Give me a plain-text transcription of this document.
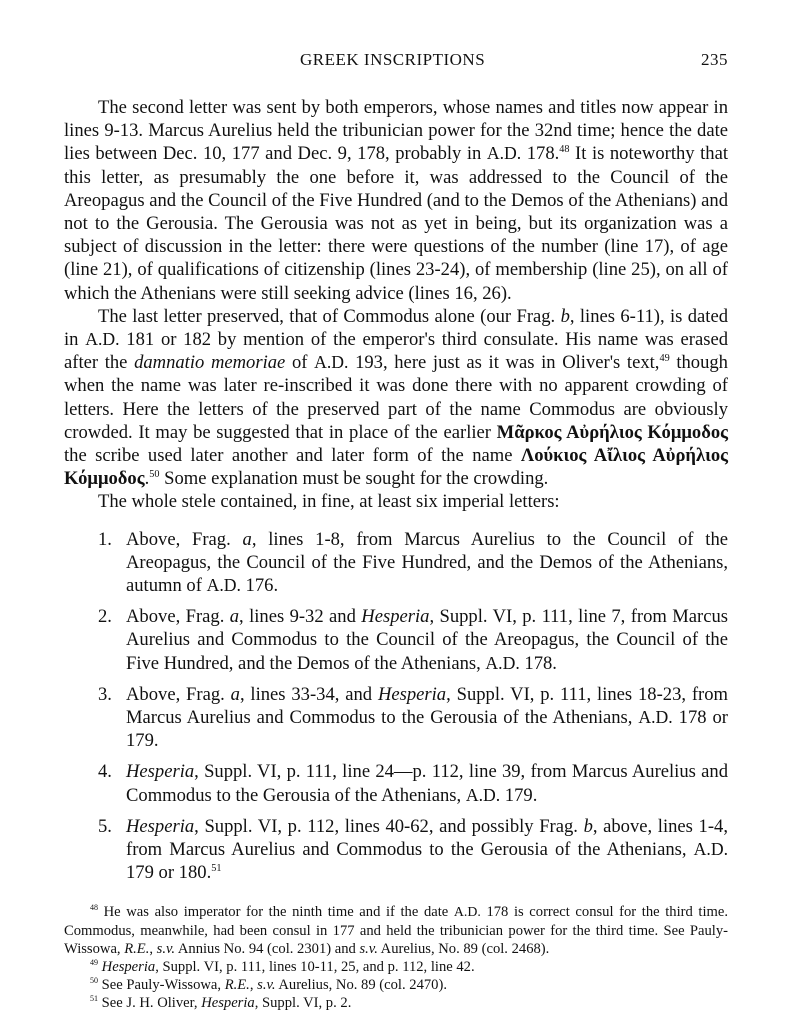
GREEK INSCRIPTIONS	235

The second letter was sent by both emperors, whose names and titles now appear in lines 9-13. Marcus Aurelius held the tribunician power for the 32nd time; hence the date lies between Dec. 10, 177 and Dec. 9, 178, probably in A.D. 178.48 It is noteworthy that this letter, as presumably the one before it, was addressed to the Council of the Areopagus and the Council of the Five Hundred (and to the Demos of the Athenians) and not to the Gerousia. The Gerousia was not as yet in being, but its organization was a subject of discussion in the letter: there were questions of the number (line 17), of age (line 21), of qualifications of citizenship (lines 23-24), of membership (line 25), on all of which the Athenians were still seeking advice (lines 16, 26).

The last letter preserved, that of Commodus alone (our Frag. b, lines 6-11), is dated in A.D. 181 or 182 by mention of the emperor's third consulate. His name was erased after the damnatio memoriae of A.D. 193, here just as it was in Oliver's text,$^{49}$ though when the name was later re-inscribed it was done there with no apparent crowding of letters. Here the letters of the preserved part of the name Commodus are obviously crowded. It may be suggested that in place of the earlier Μᾶρκος Αὐρήλιος Κόμμοδος the scribe used later another and later form of the name Λούκιος Αἴλιος Αὐρήλιος Κόμμοδος.$^{50}$ Some explanation must be sought for the crowding.

The whole stele contained, in fine, at least six imperial letters:

1. Above, Frag. a, lines 1-8, from Marcus Aurelius to the Council of the Areopagus, the Council of the Five Hundred, and the Demos of the Athenians, autumn of A.D. 176.
2. Above, Frag. a, lines 9-32 and Hesperia, Suppl. VI, p. 111, line 7, from Marcus Aurelius and Commodus to the Council of the Areopagus, the Council of the Five Hundred, and the Demos of the Athenians, A.D. 178.
3. Above, Frag. a, lines 33-34, and Hesperia, Suppl. VI, p. 111, lines 18-23, from Marcus Aurelius and Commodus to the Gerousia of the Athenians, A.D. 178 or 179.
4. Hesperia, Suppl. VI, p. 111, line 24—p. 112, line 39, from Marcus Aurelius and Commodus to the Gerousia of the Athenians, A.D. 179.
5. Hesperia, Suppl. VI, p. 112, lines 40-62, and possibly Frag. b, above, lines 1-4, from Marcus Aurelius and Commodus to the Gerousia of the Athenians, A.D. 179 or 180.51

$^{48}$ He was also imperator for the ninth time and if the date A.D. 178 is correct consul for the third time. Commodus, meanwhile, had been consul in 177 and held the tribunician power for the third time. See Pauly-Wissowa, R.E., s.v. Annius No. 94 (col. 2301) and s.v. Aurelius, No. 89 (col. 2468).

$^{49}$ Hesperia, Suppl. VI, p. 111, lines 10-11, 25, and p. 112, line 42.

$^{50}$ See Pauly-Wissowa, R.E., s.v. Aurelius, No. 89 (col. 2470).

$^{51}$ See J. H. Oliver, Hesperia, Suppl. VI, p. 2.
